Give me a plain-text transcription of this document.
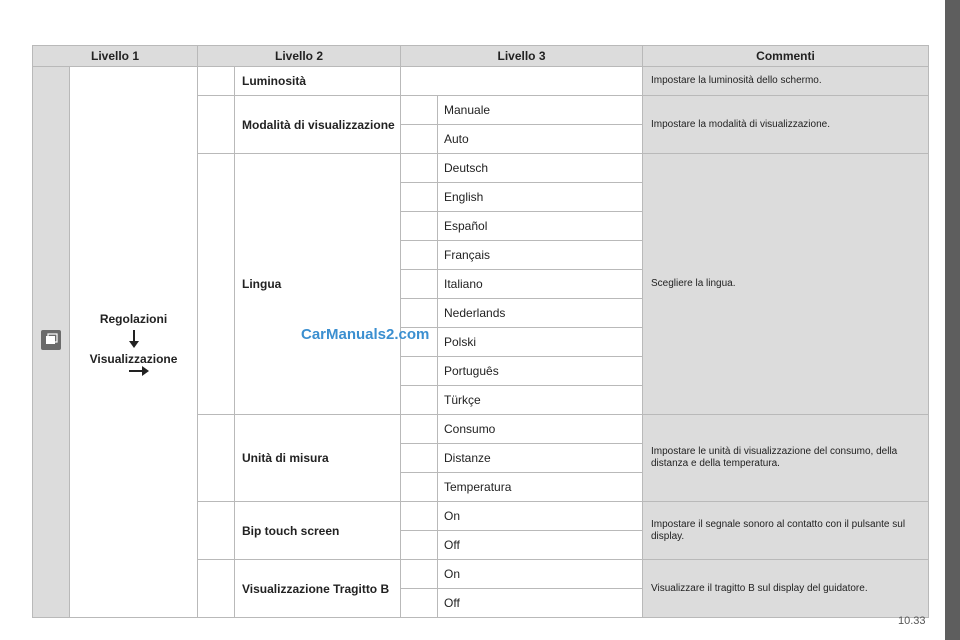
Livello 1		Livello 2		Livello 3		Commenti

Regolazioni
Visualizzazione		Luminosità			Impostare la luminosità dello schermo.
			Modalità di visualizzazione		Manuale	Impostare la modalità di visualizzazione.
					Auto	
			Lingua		Deutsch	Scegliere la lingua.
					English	
					Español	
					Français	
					Italiano	
					Nederlands	
					Polski	
					Português	
					Türkçe	
			Unità di misura		Consumo	Impostare le unità di visualizzazione del consumo, della distanza e della temperatura.
					Distanze	
					Temperatura	
			Bip touch screen		On	Impostare il segnale sonoro al contatto con il pulsante sul display.
					Off	
			Visualizzazione Tragitto B		On	Visualizzare il tragitto B sul display del guidatore.
					Off	
CarManuals2.com
10.33
